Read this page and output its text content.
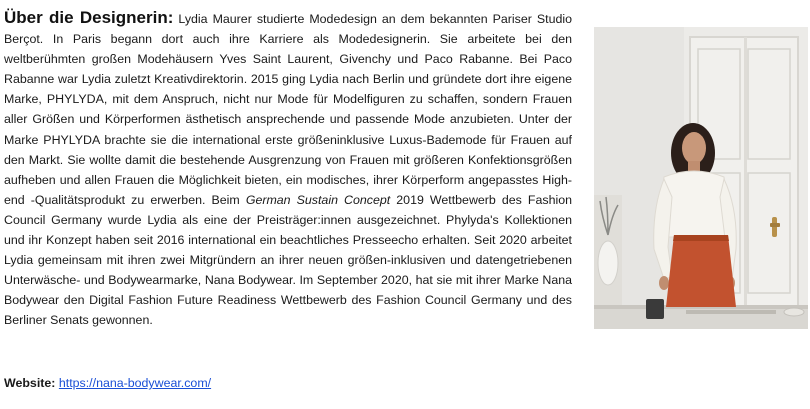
Über die Designerin: Lydia Maurer studierte Modedesign an dem bekannten Pariser Studio Berçot. In Paris begann dort auch ihre Karriere als Modedesignerin. Sie arbeitete bei den weltberühmten großen Modehäusern Yves Saint Laurent, Givenchy und Paco Rabanne. Bei Paco Rabanne war Lydia zuletzt Kreativdirektorin. 2015 ging Lydia nach Berlin und gründete dort ihre eigene Marke, PHYLYDA, mit dem Anspruch, nicht nur Mode für Modelfiguren zu schaffen, sondern Frauen aller Größen und Körperformen ästhetisch ansprechende und passende Mode anzubieten. Unter der Marke PHYLYDA brachte sie die international erste größeninklusive Luxus-Bademode für Frauen auf den Markt. Sie wollte damit die bestehende Ausgrenzung von Frauen mit größeren Konfektionsgrößen aufheben und allen Frauen die Möglichkeit bieten, ein modisches, ihrer Körperform angepasstes High-end -Qualitätsprodukt zu erwerben. Beim German Sustain Concept 2019 Wettbewerb des Fashion Council Germany wurde Lydia als eine der Preisträger:innen ausgezeichnet. Phylyda's Kollektionen und ihr Konzept haben seit 2016 international ein beachtliches Presseecho erhalten. Seit 2020 arbeitet Lydia gemeinsam mit ihren zwei Mitgründern an ihrer neuen größen-inklusiven und datengetriebenen Unterwäsche- und Bodywearmarke, Nana Bodywear. Im September 2020, hat sie mit ihrer Marke Nana Bodywear den Digital Fashion Future Readiness Wettbewerb des Fashion Council Germany und des Berliner Senats gewonnen.

Website: https://nana-bodywear.com/
